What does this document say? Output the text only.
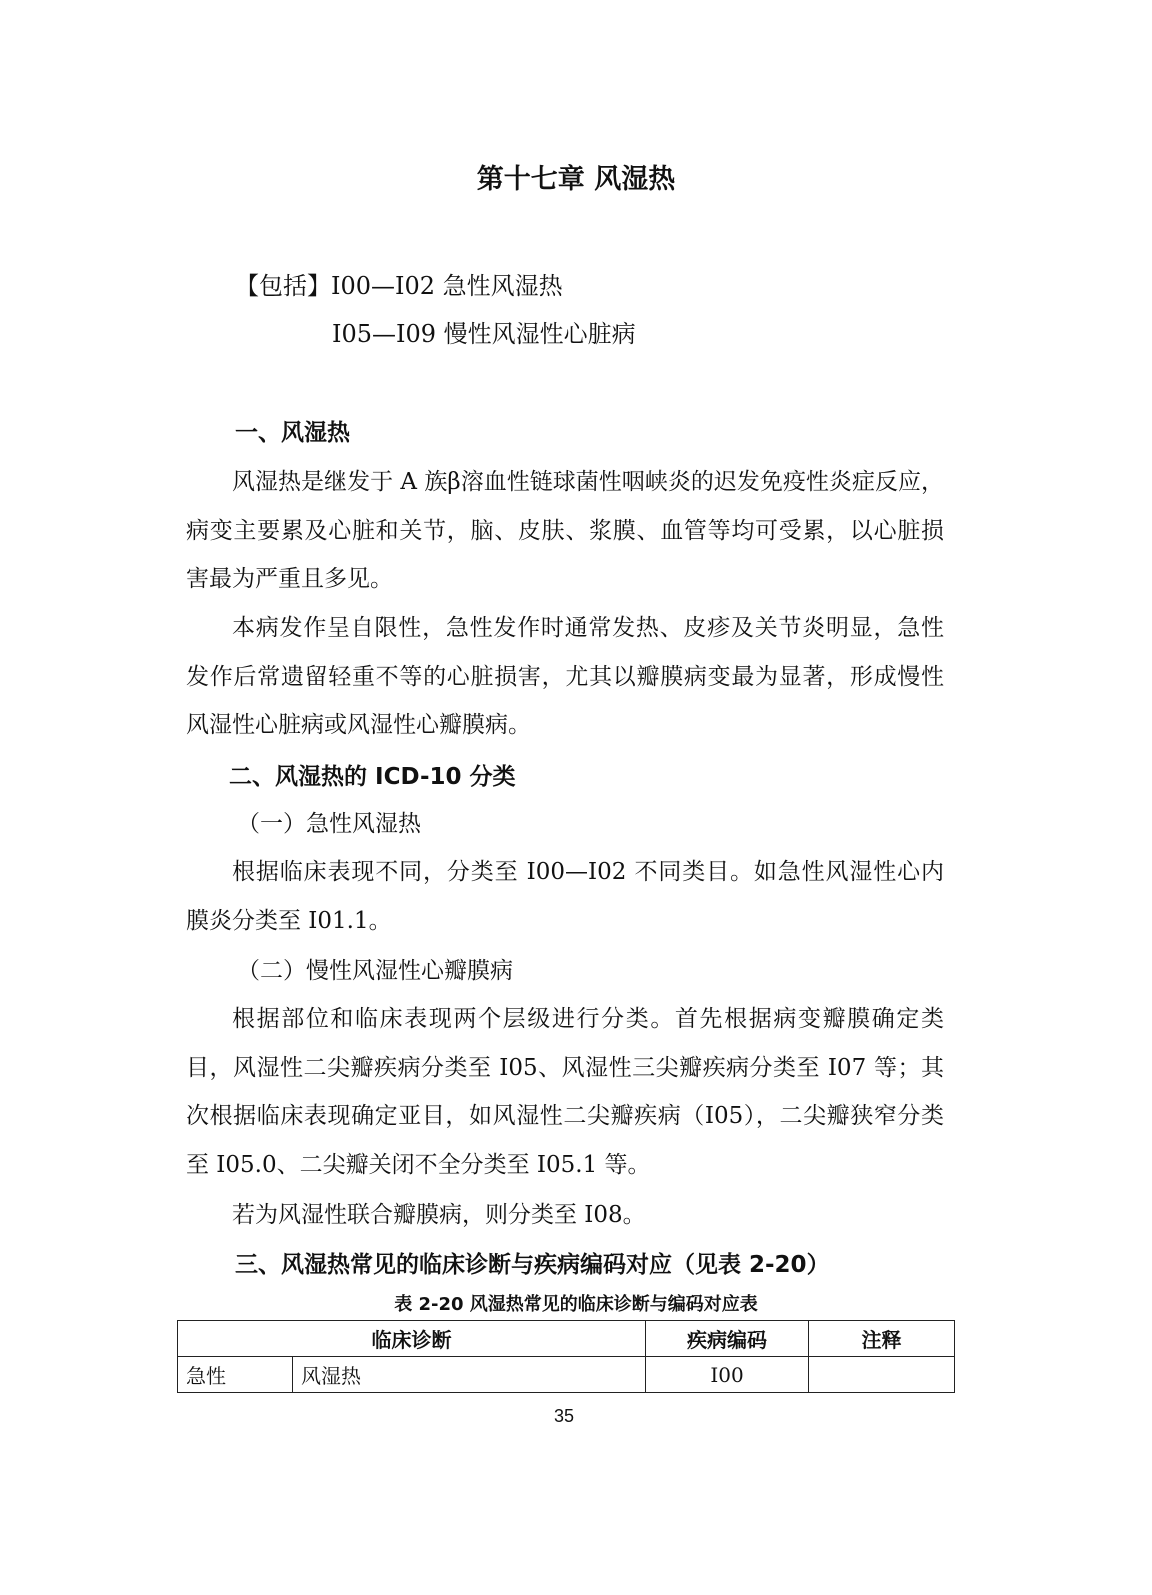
第十七章 风湿热
【包括】I00—I02 急性风湿热
I05—I09 慢性风湿性心脏病
一、风湿热

风湿热是继发于 A 族β溶血性链球菌性咽峡炎的迟发免疫性炎症反应，病变主要累及心脏和关节，脑、皮肤、浆膜、血管等均可受累，以心脏损害最为严重且多见。

本病发作呈自限性，急性发作时通常发热、皮疹及关节炎明显，急性发作后常遗留轻重不等的心脏损害，尤其以瓣膜病变最为显著，形成慢性风湿性心脏病或风湿性心瓣膜病。

二、风湿热的 ICD-10 分类
（一）急性风湿热

根据临床表现不同，分类至 I00—I02 不同类目。如急性风湿性心内膜炎分类至 I01.1。

（二）慢性风湿性心瓣膜病

根据部位和临床表现两个层级进行分类。首先根据病变瓣膜确定类目，风湿性二尖瓣疾病分类至 I05、风湿性三尖瓣疾病分类至 I07 等；其次根据临床表现确定亚目，如风湿性二尖瓣疾病（I05），二尖瓣狭窄分类至 I05.0、二尖瓣关闭不全分类至 I05.1 等。

若为风湿性联合瓣膜病，则分类至 I08。

三、风湿热常见的临床诊断与疾病编码对应（见表 2-20）
表 2-20 风湿热常见的临床诊断与编码对应表
临床诊断		疾病编码	注释
急性	风湿热	I00	
35
